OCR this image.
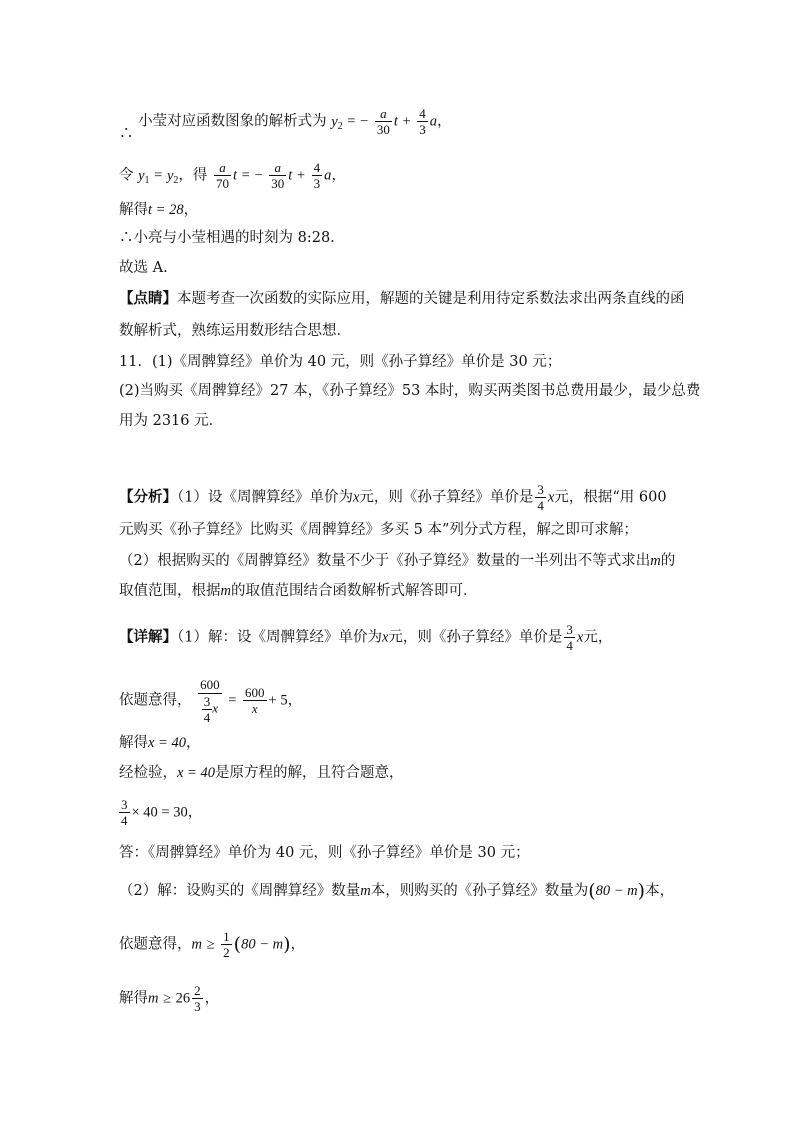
∴ 小莹对应函数图象的解析式为 $y_2$ = − $\frac{a}{30}$ $t + \frac{4}{3}$ a，
令 $y_1 = y_2$，得 $\frac{a}{70}$ t = − $\frac{a}{30}$ $t + \frac{4}{3}$ a，
解得t = 28，
∴小亮与小莹相遇的时刻为 8:28.
故选 A.
【点睛】本题考查一次函数的实际应用，解题的关键是利用待定系数法求出两条直线的函
数解析式，熟练运用数形结合思想．
11．(1)《周髀算经》单价为 40 元，则《孙子算经》单价是 30 元；
(2)当购买《周髀算经》27 本，《孙子算经》53 本时，购买两类图书总费用最少，最少总费
用为 2316 元．
【分析】（1）设《周髀算经》单价为x元，则《孙子算经》单价是 $\frac{3}{4}$ x元，根据“用 600
元购买《孙子算经》比购买《周髀算经》多买 5 本”列分式方程，解之即可求解；
（2）根据购买的《周髀算经》数量不少于《孙子算经》数量的一半列出不等式求出m的
取值范围，根据m的取值范围结合函数解析式解答即可．
【详解】（1）解：设《周髀算经》单价为x元，则《孙子算经》单价是 $\frac{3}{4}$ x元，
依题意得， $\frac{600}{\frac{3}{4} x} = \frac{600}{x} + 5$，
解得x = 40，
经检验，x = 40是原方程的解，且符合题意，
$\frac{3}{4} \times 40 = 30$，
答：《周髀算经》单价为 40 元，则《孙子算经》单价是 30 元；
（2）解：设购买的《周髀算经》数量m本，则购买的《孙子算经》数量为(80 − m)本，
依题意得，$m \ge \frac{1}{2} (80 - m)$，
解得$m \ge 26 \frac{2}{3}$ ，
